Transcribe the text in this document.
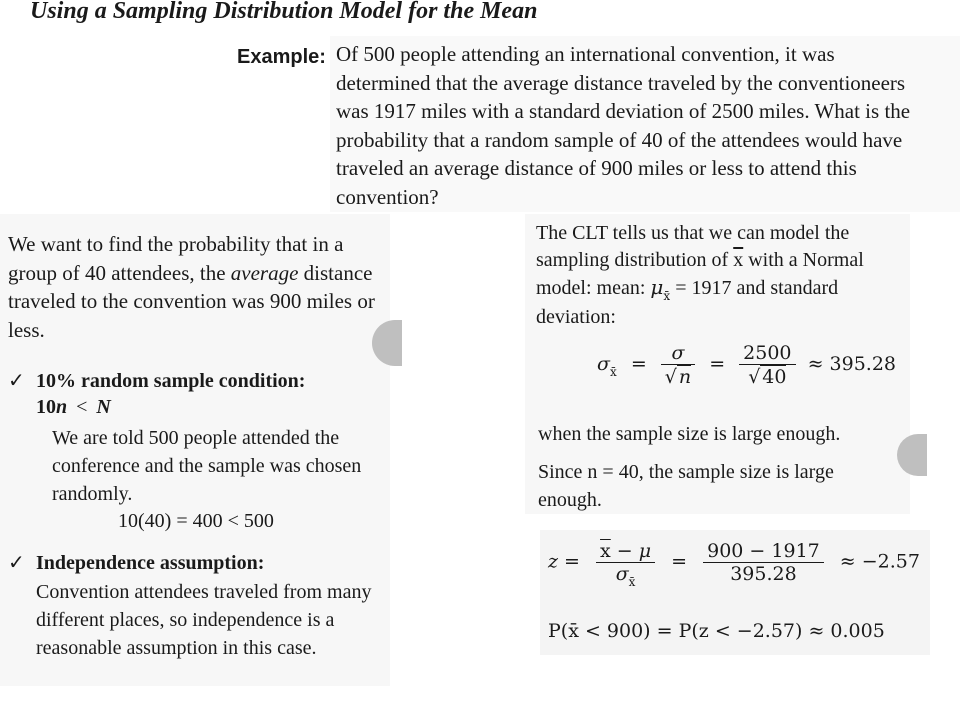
Using a Sampling Distribution Model for the Mean
Example: Of 500 people attending an international convention, it was determined that the average distance traveled by the conventioneers was 1917 miles with a standard deviation of 2500 miles. What is the probability that a random sample of 40 of the attendees would have traveled an average distance of 900 miles or less to attend this convention?

We want to find the probability that in a group of 40 attendees, the average distance traveled to the convention was 900 miles or less.

✓ 10% random sample condition:
10n < N

We are told 500 people attended the conference and the sample was chosen randomly.

10(40) = 400 < 500
✓ Independence assumption:

Convention attendees traveled from many different places, so independence is a reasonable assumption in this case.

The CLT tells us that we can model the sampling distribution of $\overline{x}$ with a Normal model: mean: $\mu_{x̄} = 1917$ and standard deviation:

$\sigma_{x̄} = \frac{\sigma}{√ n} = \frac{2500}{√ 40} \approx 395.28$
when the sample size is large enough.

Since n = 40, the sample size is large enough.

$z = \frac{\overline{x} - \mu}{\sigma_{x̄}} = \frac{900 - 1917}{395.28} \approx -2.57$
P(x̄ < 900) = P(z < −2.57) ≈ 0.005
